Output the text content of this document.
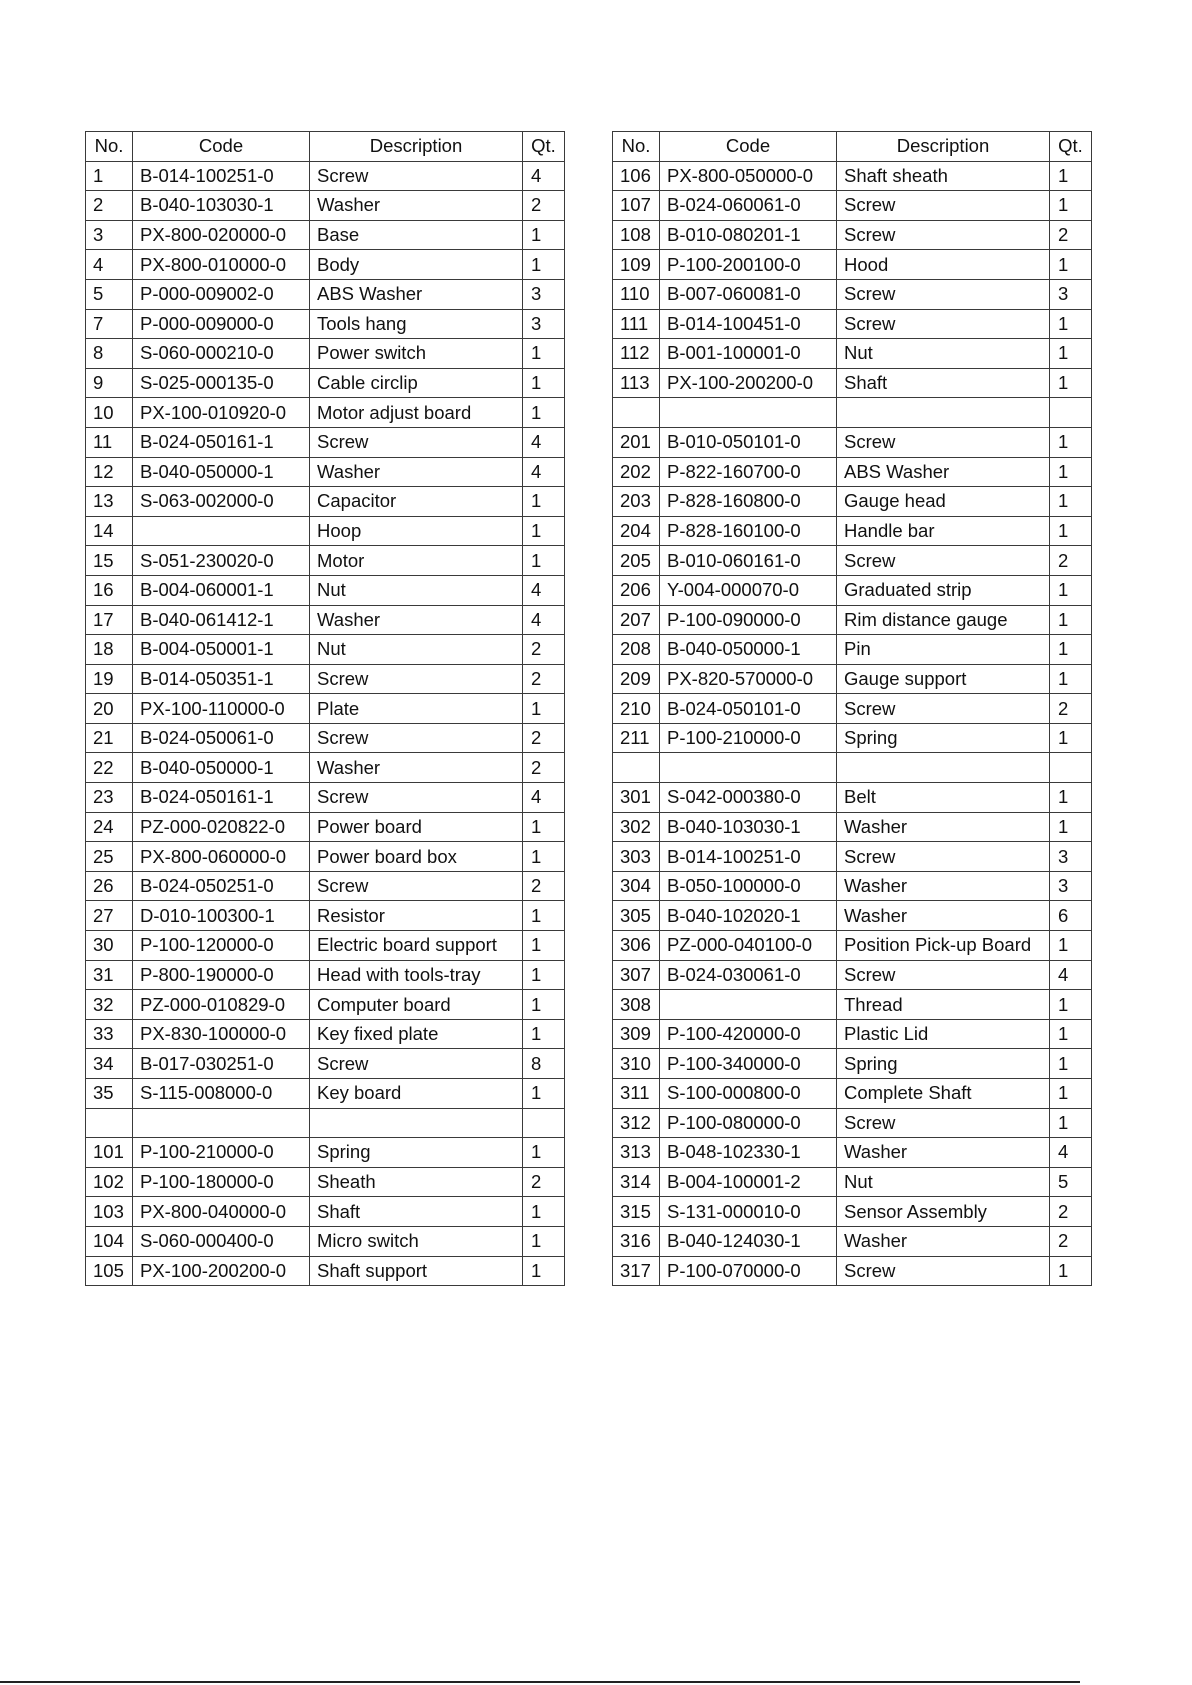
No.	Code	Description	Qt.
1	B-014-100251-0	Screw	4
2	B-040-103030-1	Washer	2
3	PX-800-020000-0	Base	1
4	PX-800-010000-0	Body	1
5	P-000-009002-0	ABS Washer	3
7	P-000-009000-0	Tools hang	3
8	S-060-000210-0	Power switch	1
9	S-025-000135-0	Cable circlip	1
10	PX-100-010920-0	Motor adjust board	1
11	B-024-050161-1	Screw	4
12	B-040-050000-1	Washer	4
13	S-063-002000-0	Capacitor	1
14		Hoop	1
15	S-051-230020-0	Motor	1
16	B-004-060001-1	Nut	4
17	B-040-061412-1	Washer	4
18	B-004-050001-1	Nut	2
19	B-014-050351-1	Screw	2
20	PX-100-110000-0	Plate	1
21	B-024-050061-0	Screw	2
22	B-040-050000-1	Washer	2
23	B-024-050161-1	Screw	4
24	PZ-000-020822-0	Power board	1
25	PX-800-060000-0	Power board box	1
26	B-024-050251-0	Screw	2
27	D-010-100300-1	Resistor	1
30	P-100-120000-0	Electric board support	1
31	P-800-190000-0	Head with tools-tray	1
32	PZ-000-010829-0	Computer board	1
33	PX-830-100000-0	Key fixed plate	1
34	B-017-030251-0	Screw	8
35	S-115-008000-0	Key board	1

101	P-100-210000-0	Spring	1
102	P-100-180000-0	Sheath	2
103	PX-800-040000-0	Shaft	1
104	S-060-000400-0	Micro switch	1
105	PX-100-200200-0	Shaft support	1
No.	Code	Description	Qt.
106	PX-800-050000-0	Shaft sheath	1
107	B-024-060061-0	Screw	1
108	B-010-080201-1	Screw	2
109	P-100-200100-0	Hood	1
110	B-007-060081-0	Screw	3
111	B-014-100451-0	Screw	1
112	B-001-100001-0	Nut	1
113	PX-100-200200-0	Shaft	1

201	B-010-050101-0	Screw	1
202	P-822-160700-0	ABS Washer	1
203	P-828-160800-0	Gauge head	1
204	P-828-160100-0	Handle bar	1
205	B-010-060161-0	Screw	2
206	Y-004-000070-0	Graduated strip	1
207	P-100-090000-0	Rim distance gauge	1
208	B-040-050000-1	Pin	1
209	PX-820-570000-0	Gauge support	1
210	B-024-050101-0	Screw	2
211	P-100-210000-0	Spring	1

301	S-042-000380-0	Belt	1
302	B-040-103030-1	Washer	1
303	B-014-100251-0	Screw	3
304	B-050-100000-0	Washer	3
305	B-040-102020-1	Washer	6
306	PZ-000-040100-0	Position Pick-up Board	1
307	B-024-030061-0	Screw	4
308		Thread	1
309	P-100-420000-0	Plastic Lid	1
310	P-100-340000-0	Spring	1
311	S-100-000800-0	Complete Shaft	1
312	P-100-080000-0	Screw	1
313	B-048-102330-1	Washer	4
314	B-004-100001-2	Nut	5
315	S-131-000010-0	Sensor Assembly	2
316	B-040-124030-1	Washer	2
317	P-100-070000-0	Screw	1
